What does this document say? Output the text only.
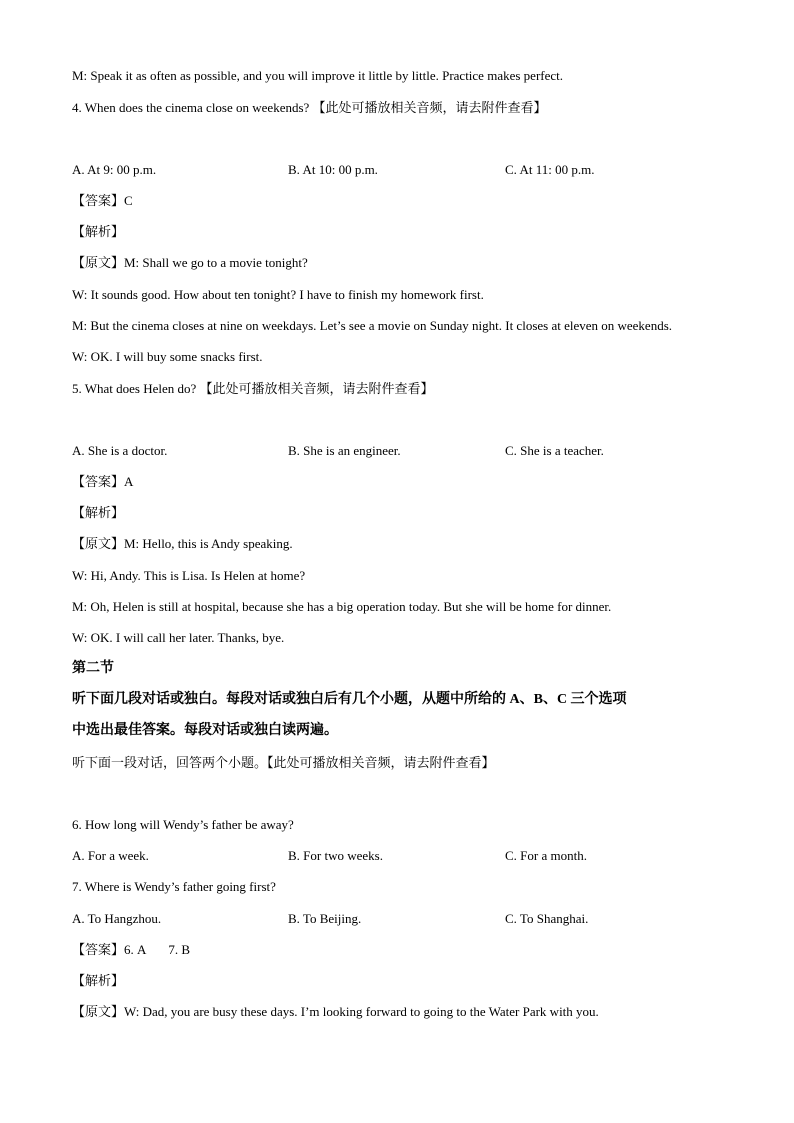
M: Speak it as often as possible, and you will improve it little by little. Practice makes perfect.
4. When does the cinema close on weekends? 【此处可播放相关音频，请去附件查看】
A. At 9: 00 p.m.	B. At 10: 00 p.m.	C. At 11: 00 p.m.
【答案】C
【解析】
【原文】M: Shall we go to a movie tonight?
W: It sounds good. How about ten tonight? I have to finish my homework first.
M: But the cinema closes at nine on weekdays. Let’s see a movie on Sunday night. It closes at eleven on weekends.
W: OK. I will buy some snacks first.
5. What does Helen do? 【此处可播放相关音频，请去附件查看】
A. She is a doctor.	B. She is an engineer.	C. She is a teacher.
【答案】A
【解析】
【原文】M: Hello, this is Andy speaking.
W: Hi, Andy. This is Lisa. Is Helen at home?
M: Oh, Helen is still at hospital, because she has a big operation today. But she will be home for dinner.
W: OK. I will call her later. Thanks, bye.
第二节
听下面几段对话或独白。每段对话或独白后有几个小题，从题中所给的 A、B、C 三个选项
中选出最佳答案。每段对话或独白读两遍。
听下面一段对话，回答两个小题。【此处可播放相关音频，请去附件查看】
6. How long will Wendy’s father be away?
A. For a week.	B. For two weeks.	C. For a month.
7. Where is Wendy’s father going first?
A. To Hangzhou.	B. To Beijing.	C. To Shanghai.
【答案】6. A 7. B
【解析】
【原文】W: Dad, you are busy these days. I’m looking forward to going to the Water Park with you.
